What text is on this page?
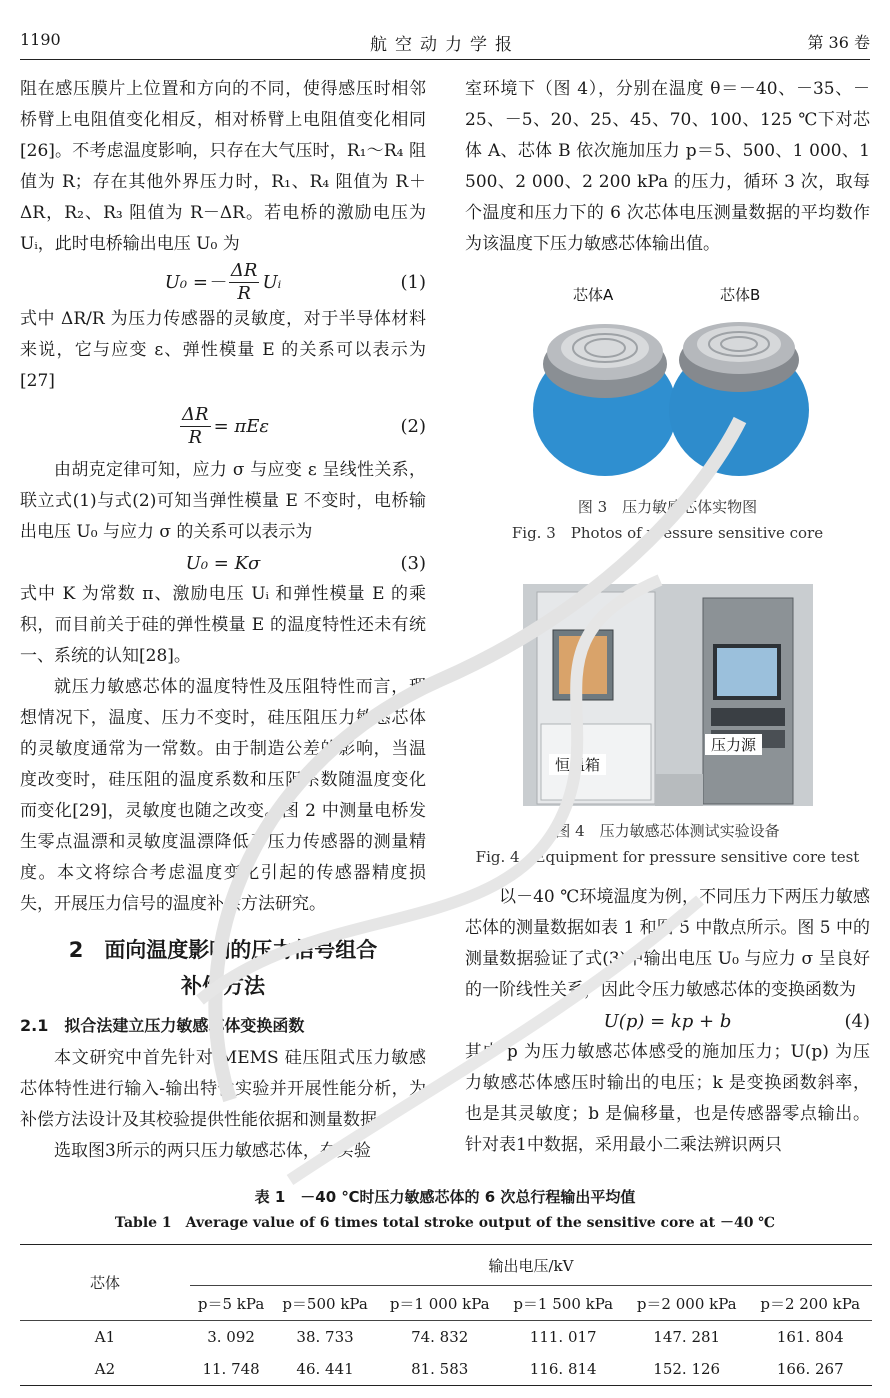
1190	航空动力学报	第 36 卷

阻在感压膜片上位置和方向的不同，使得感压时相邻桥臂上电阻值变化相反，相对桥臂上电阻值变化相同[26]。不考虑温度影响，只存在大气压时，R₁～R₄ 阻值为 R；存在其他外界压力时，R₁、R₄ 阻值为 R＋ΔR，R₂、R₃ 阻值为 R－ΔR。若电桥的激励电压为 Uᵢ，此时电桥输出电压 U₀ 为

$U_0 =- \frac{\Delta R}{R}$ Uᵢ	(1)

式中 ΔR/R 为压力传感器的灵敏度，对于半导体材料来说，它与应变 ε、弹性模量 E 的关系可以表示为[27]

$\frac{\Delta R}{R} = \pi E\varepsilon$	(2)

由胡克定律可知，应力 σ 与应变 ε 呈线性关系，联立式(1)与式(2)可知当弹性模量 E 不变时，电桥输出电压 U₀ 与应力 σ 的关系可以表示为

U₀ = Kσ	(3)

式中 K 为常数 π、激励电压 Uᵢ 和弹性模量 E 的乘积，而目前关于硅的弹性模量 E 的温度特性还未有统一、系统的认知[28]。

就压力敏感芯体的温度特性及压阻特性而言，理想情况下，温度、压力不变时，硅压阻压力敏感芯体的灵敏度通常为一常数。由于制造公差的影响，当温度改变时，硅压阻的温度系数和压阻系数随温度变化而变化[29]，灵敏度也随之改变。图 2 中测量电桥发生零点温漂和灵敏度温漂降低了压力传感器的测量精度。本文将综合考虑温度变化引起的传感器精度损失，开展压力信号的温度补偿方法研究。

2　 面向温度影响的压力信号组合
补偿方法
2.1　拟合法建立压力敏感芯体变换函数

本文研究中首先针对 MEMS 硅压阻式压力敏感芯体特性进行输入-输出特性实验并开展性能分析，为补偿方法设计及其校验提供性能依据和测量数据。

选取图3所示的两只压力敏感芯体，在实验

室环境下（图 4），分别在温度 θ＝－40、－35、－25、－5、20、25、45、70、100、125 ℃下对芯体 A、芯体 B 依次施加压力 p＝5、500、1 000、1 500、2 000、2 200 kPa 的压力，循环 3 次，取每个温度和压力下的 6 次芯体电压测量数据的平均数作为该温度下压力敏感芯体输出值。

芯体A	芯体B
图 3　压力敏感芯体实物图
Fig. 3　Photos of pressure sensitive core
恒温箱
压力源
图 4　压力敏感芯体测试实验设备
Fig. 4　Equipment for pressure sensitive core test

以－40 ℃环境温度为例，不同压力下两压力敏感芯体的测量数据如表 1 和图 5 中散点所示。图 5 中的测量数据验证了式(3)中输出电压 U₀ 与应力 σ 呈良好的一阶线性关系，因此令压力敏感芯体的变换函数为

U(p) = kp + b	(4)

其中 p 为压力敏感芯体感受的施加压力；U(p) 为压力敏感芯体感压时输出的电压；k 是变换函数斜率，也是其灵敏度；b 是偏移量，也是传感器零点输出。针对表1中数据，采用最小二乘法辨识两只

表 1　－40 ℃时压力敏感芯体的 6 次总行程输出平均值
Table 1　Average value of 6 times total stroke output of the sensitive core at －40 ℃
芯体	输出电压/kV					
	p＝5 kPa	p＝500 kPa	p＝1 000 kPa	p＝1 500 kPa	p＝2 000 kPa	p＝2 200 kPa
A1	3. 092	38. 733	74. 832	111. 017	147. 281	161. 804
A2	11. 748	46. 441	81. 583	116. 814	152. 126	166. 267
